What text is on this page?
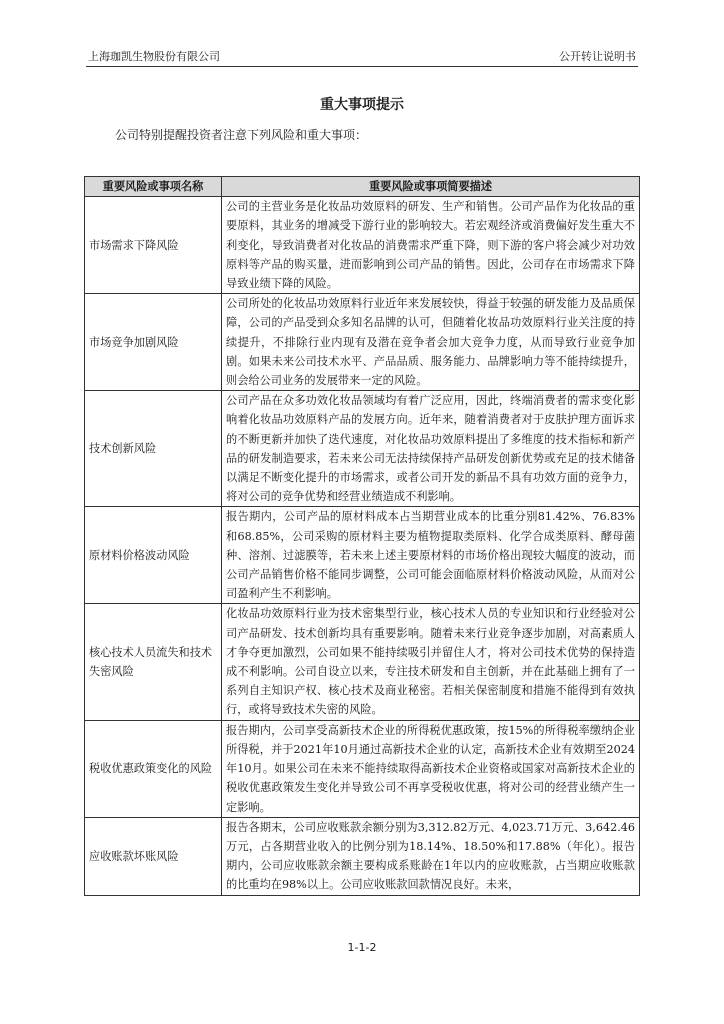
上海珈凯生物股份有限公司	公开转让说明书
重大事项提示
公司特别提醒投资者注意下列风险和重大事项：
重要风险或事项名称	重要风险或事项简要描述
市场需求下降风险	公司的主营业务是化妆品功效原料的研发、生产和销售。公司产品作为化妆品的重要原料，其业务的增减受下游行业的影响较大。若宏观经济或消费偏好发生重大不利变化，导致消费者对化妆品的消费需求严重下降，则下游的客户将会减少对功效原料等产品的购买量，进而影响到公司产品的销售。因此，公司存在市场需求下降导致业绩下降的风险。
市场竞争加剧风险	公司所处的化妆品功效原料行业近年来发展较快，得益于较强的研发能力及品质保障，公司的产品受到众多知名品牌的认可，但随着化妆品功效原料行业关注度的持续提升，不排除行业内现有及潜在竞争者会加大竞争力度，从而导致行业竞争加剧。如果未来公司技术水平、产品品质、服务能力、品牌影响力等不能持续提升，则会给公司业务的发展带来一定的风险。
技术创新风险	公司产品在众多功效化妆品领域均有着广泛应用，因此，终端消费者的需求变化影响着化妆品功效原料产品的发展方向。近年来，随着消费者对于皮肤护理方面诉求的不断更新并加快了迭代速度，对化妆品功效原料提出了多维度的技术指标和新产品的研发制造要求，若未来公司无法持续保持产品研发创新优势或充足的技术储备以满足不断变化提升的市场需求，或者公司开发的新品不具有功效方面的竞争力，将对公司的竞争优势和经营业绩造成不利影响。
原材料价格波动风险	报告期内，公司产品的原材料成本占当期营业成本的比重分别81.42%、76.83%和68.85%，公司采购的原材料主要为植物提取类原料、化学合成类原料、酵母菌种、溶剂、过滤膜等，若未来上述主要原材料的市场价格出现较大幅度的波动，而公司产品销售价格不能同步调整，公司可能会面临原材料价格波动风险，从而对公司盈利产生不利影响。
核心技术人员流失和技术失密风险	化妆品功效原料行业为技术密集型行业，核心技术人员的专业知识和行业经验对公司产品研发、技术创新均具有重要影响。随着未来行业竞争逐步加剧，对高素质人才争夺更加激烈，公司如果不能持续吸引并留住人才，将对公司技术优势的保持造成不利影响。公司自设立以来，专注技术研发和自主创新，并在此基础上拥有了一系列自主知识产权、核心技术及商业秘密。若相关保密制度和措施不能得到有效执行，或将导致技术失密的风险。
税收优惠政策变化的风险	报告期内，公司享受高新技术企业的所得税优惠政策，按15%的所得税率缴纳企业所得税，并于2021年10月通过高新技术企业的认定，高新技术企业有效期至2024年10月。如果公司在未来不能持续取得高新技术企业资格或国家对高新技术企业的税收优惠政策发生变化并导致公司不再享受税收优惠，将对公司的经营业绩产生一定影响。
应收账款坏账风险	报告各期末，公司应收账款余额分别为3,312.82万元、4,023.71万元、3,642.46万元，占各期营业收入的比例分别为18.14%、18.50%和17.88%（年化）。报告期内，公司应收账款余额主要构成系账龄在1年以内的应收账款，占当期应收账款的比重均在98%以上。公司应收账款回款情况良好。未来，
1-1-2
